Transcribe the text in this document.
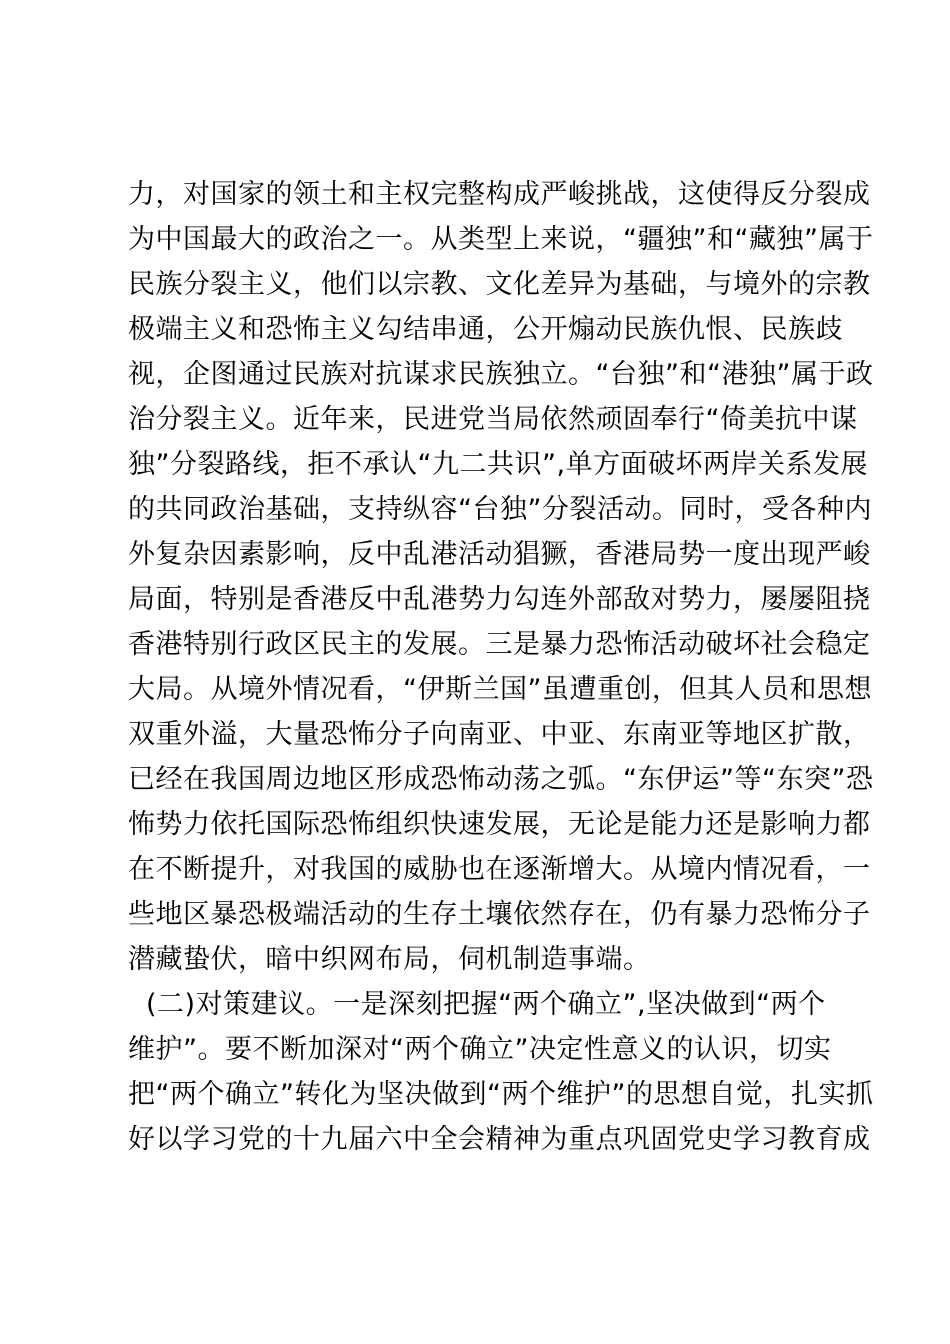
力，对国家的领土和主权完整构成严峻挑战，这使得反分裂成
为中国最大的政治之一。从类型上来说，“疆独”和“藏独”属于
民族分裂主义，他们以宗教、文化差异为基础，与境外的宗教
极端主义和恐怖主义勾结串通，公开煽动民族仇恨、民族歧
视，企图通过民族对抗谋求民族独立。“台独”和“港独”属于政
治分裂主义。近年来，民进党当局依然顽固奉行“倚美抗中谋
独”分裂路线，拒不承认“九二共识”,单方面破坏两岸关系发展
的共同政治基础，支持纵容“台独”分裂活动。同时，受各种内
外复杂因素影响，反中乱港活动猖獗，香港局势一度出现严峻
局面，特别是香港反中乱港势力勾连外部敌对势力，屡屡阻挠
香港特别行政区民主的发展。三是暴力恐怖活动破坏社会稳定
大局。从境外情况看，“伊斯兰国”虽遭重创，但其人员和思想
双重外溢，大量恐怖分子向南亚、中亚、东南亚等地区扩散，
已经在我国周边地区形成恐怖动荡之弧。“东伊运”等“东突”恐
怖势力依托国际恐怖组织快速发展，无论是能力还是影响力都
在不断提升，对我国的威胁也在逐渐增大。从境内情况看，一
些地区暴恐极端活动的生存土壤依然存在，仍有暴力恐怖分子
潜藏蛰伏，暗中织网布局，伺机制造事端。
(二)对策建议。一是深刻把握“两个确立”,坚决做到“两个
维护”。要不断加深对“两个确立”决定性意义的认识，切实
把“两个确立”转化为坚决做到“两个维护”的思想自觉，扎实抓
好以学习党的十九届六中全会精神为重点巩固党史学习教育成
